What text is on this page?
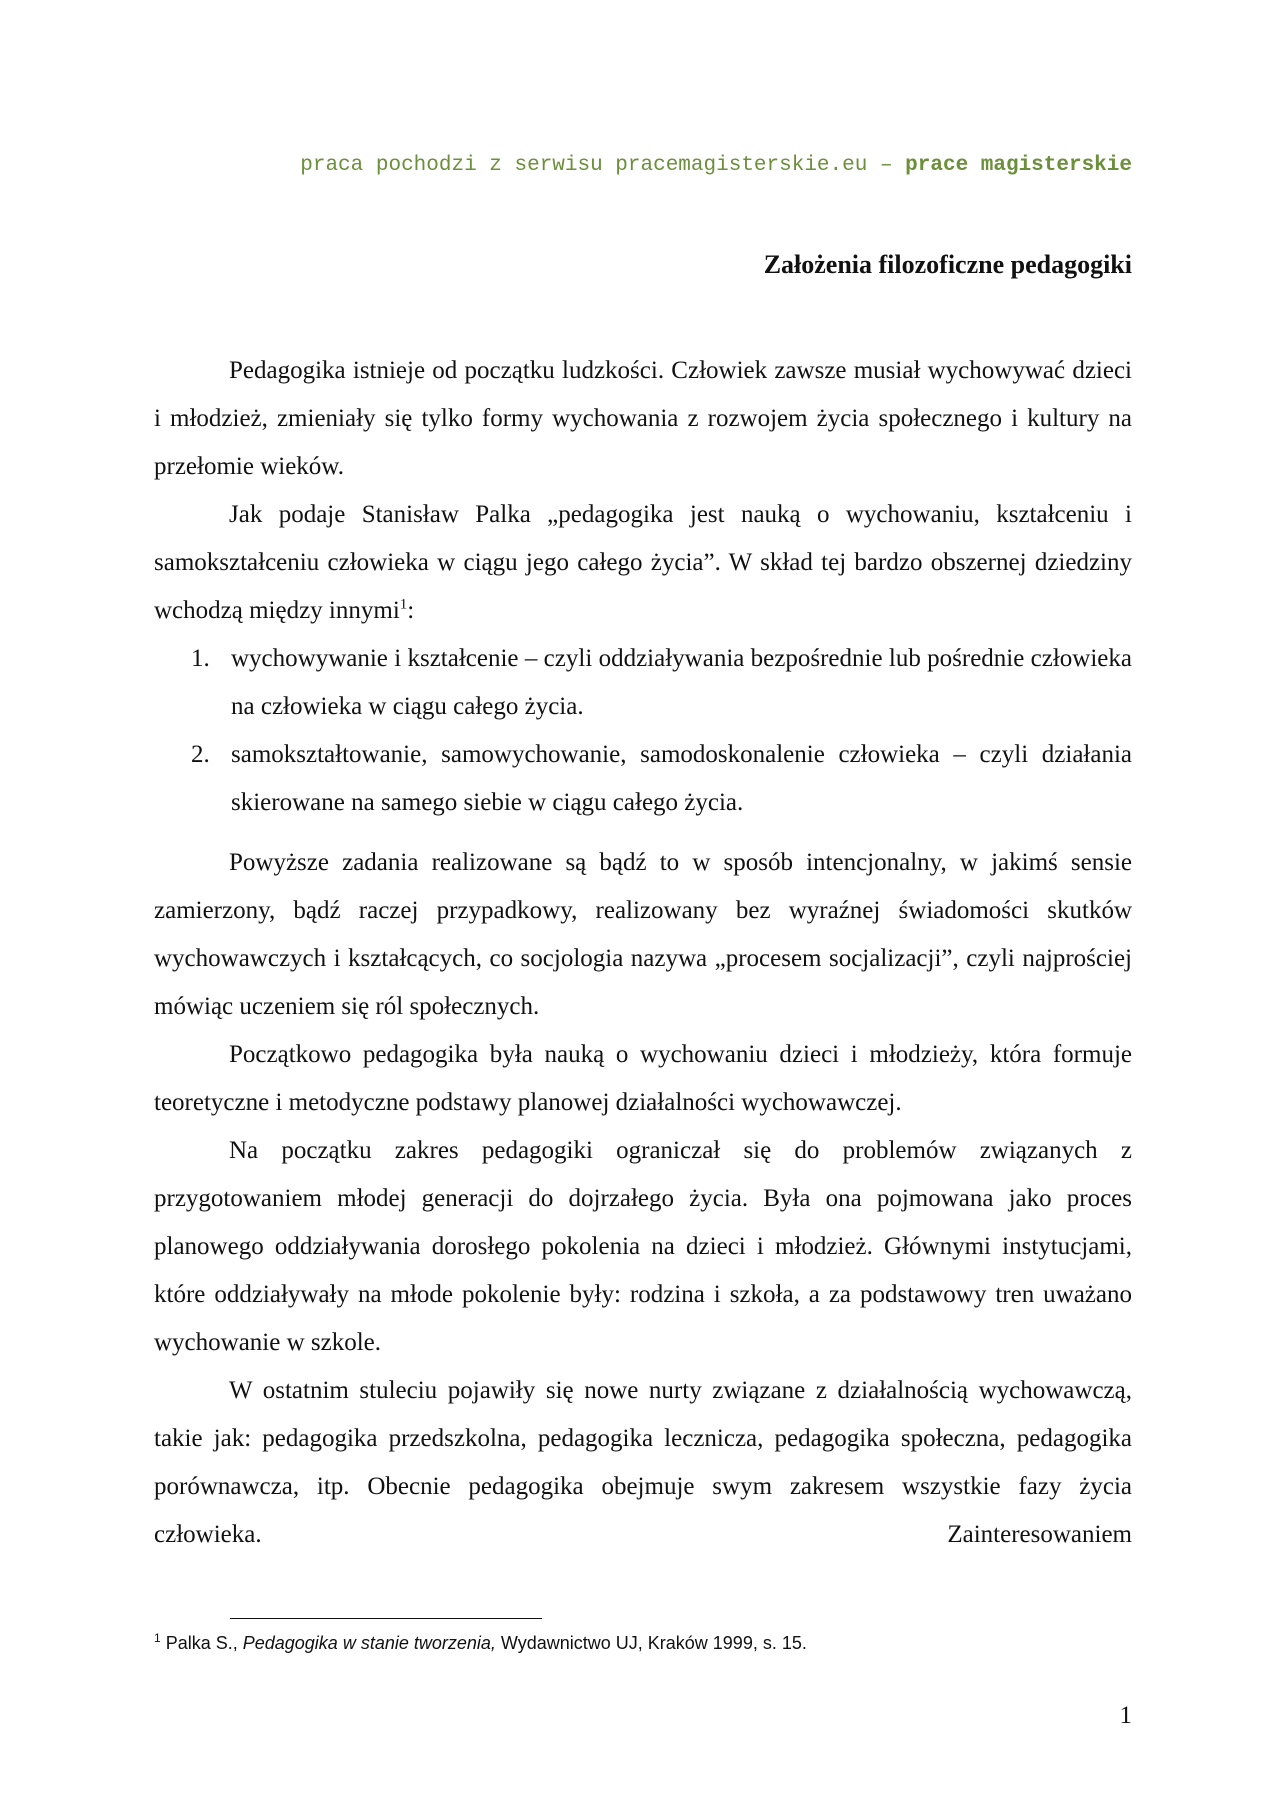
praca pochodzi z serwisu pracemagisterskie.eu – prace magisterskie
Założenia filozoficzne pedagogiki

Pedagogika istnieje od początku ludzkości. Człowiek zawsze musiał wychowywać dzieci i młodzież, zmieniały się tylko formy wychowania z rozwojem życia społecznego i kultury na przełomie wieków.

Jak podaje Stanisław Palka „pedagogika jest nauką o wychowaniu, kształceniu i samokształceniu człowieka w ciągu jego całego życia”. W skład tej bardzo obszernej dziedziny wchodzą między innymi$^1$:

1. wychowywanie i kształcenie – czyli oddziaływania bezpośrednie lub pośrednie człowieka na człowieka w ciągu całego życia.
2. samokształtowanie, samowychowanie, samodoskonalenie człowieka – czyli działania skierowane na samego siebie w ciągu całego życia.

Powyższe zadania realizowane są bądź to w sposób intencjonalny, w jakimś sensie zamierzony, bądź raczej przypadkowy, realizowany bez wyraźnej świadomości skutków wychowawczych i kształcących, co socjologia nazywa „procesem socjalizacji”, czyli najprościej mówiąc uczeniem się ról społecznych.

Początkowo pedagogika była nauką o wychowaniu dzieci i młodzieży, która formuje teoretyczne i metodyczne podstawy planowej działalności wychowawczej.

Na początku zakres pedagogiki ograniczał się do problemów związanych z przygotowaniem młodej generacji do dojrzałego życia. Była ona pojmowana jako proces planowego oddziaływania dorosłego pokolenia na dzieci i młodzież. Głównymi instytucjami, które oddziaływały na młode pokolenie były: rodzina i szkoła, a za podstawowy tren uważano wychowanie w szkole.

W ostatnim stuleciu pojawiły się nowe nurty związane z działalnością wychowawczą, takie jak: pedagogika przedszkolna, pedagogika lecznicza, pedagogika społeczna, pedagogika porównawcza, itp. Obecnie pedagogika obejmuje swym zakresem wszystkie fazy życia człowieka. Zainteresowaniem

$^1$ Palka S., Pedagogika w stanie tworzenia, Wydawnictwo UJ, Kraków 1999, s. 15.
1
